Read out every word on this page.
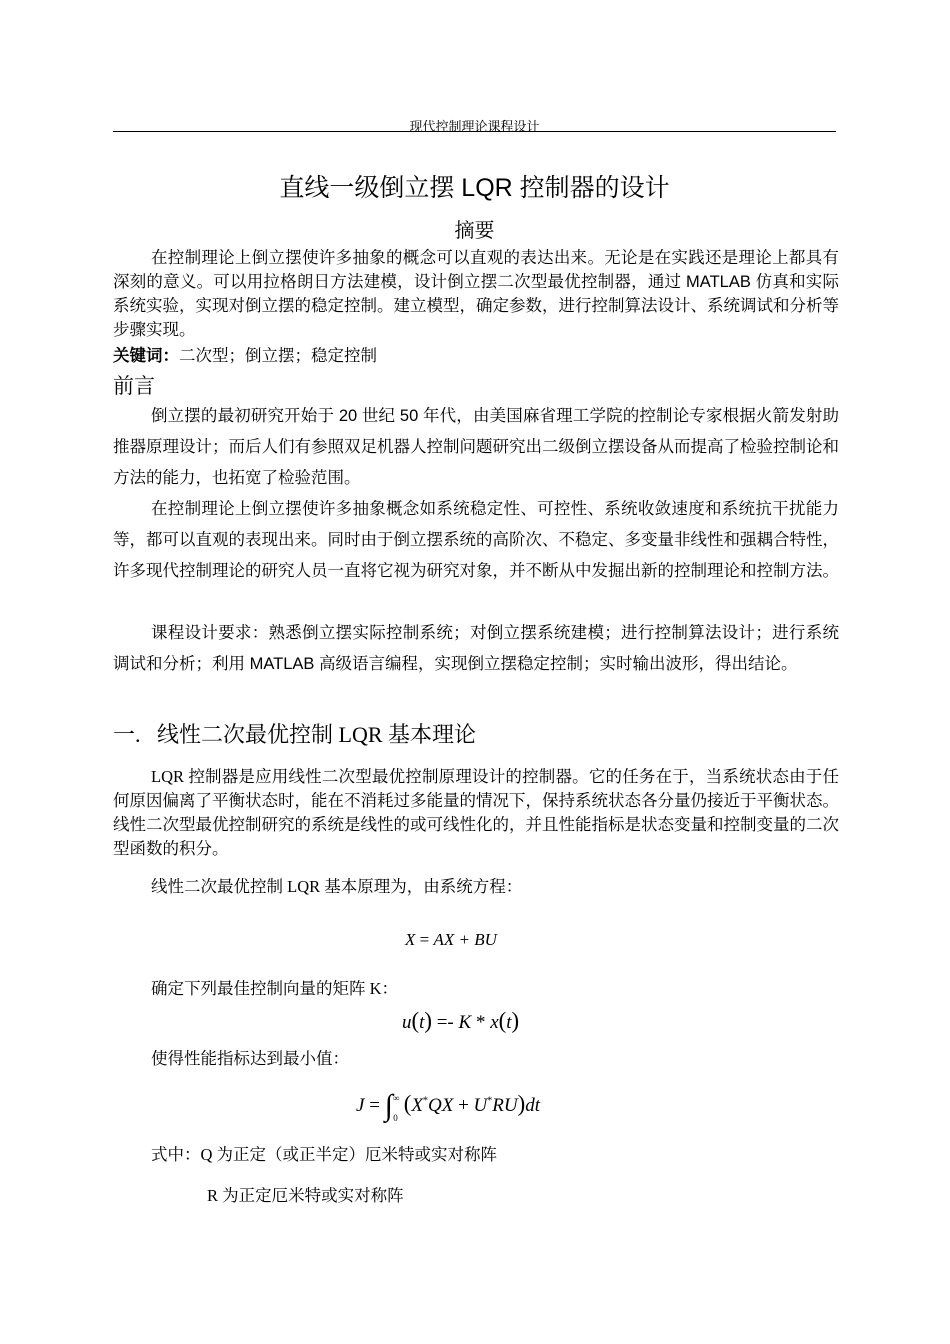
现代控制理论课程设计
直线一级倒立摆 LQR 控制器的设计
摘要

在控制理论上倒立摆使许多抽象的概念可以直观的表达出来。无论是在实践还是理论上都具有深刻的意义。可以用拉格朗日方法建模，设计倒立摆二次型最优控制器，通过 MATLAB 仿真和实际系统实验，实现对倒立摆的稳定控制。建立模型，确定参数，进行控制算法设计、系统调试和分析等步骤实现。

关键词：二次型；倒立摆；稳定控制
前言

倒立摆的最初研究开始于 20 世纪 50 年代，由美国麻省理工学院的控制论专家根据火箭发射助推器原理设计；而后人们有参照双足机器人控制问题研究出二级倒立摆设备从而提高了检验控制论和方法的能力，也拓宽了检验范围。

在控制理论上倒立摆使许多抽象概念如系统稳定性、可控性、系统收敛速度和系统抗干扰能力等，都可以直观的表现出来。同时由于倒立摆系统的高阶次、不稳定、多变量非线性和强耦合特性，许多现代控制理论的研究人员一直将它视为研究对象，并不断从中发掘出新的控制理论和控制方法。

课程设计要求：熟悉倒立摆实际控制系统；对倒立摆系统建模；进行控制算法设计；进行系统调试和分析；利用 MATLAB 高级语言编程，实现倒立摆稳定控制；实时输出波形，得出结论。

一. 线性二次最优控制 LQR 基本理论

LQR 控制器是应用线性二次型最优控制原理设计的控制器。它的任务在于，当系统状态由于任何原因偏离了平衡状态时，能在不消耗过多能量的情况下，保持系统状态各分量仍接近于平衡状态。线性二次型最优控制研究的系统是线性的或可线性化的，并且性能指标是状态变量和控制变量的二次型函数的积分。

线性二次最优控制 LQR 基本原理为，由系统方程：
X = AX + BU
确定下列最佳控制向量的矩阵 K：
u(t) =- K * x(t)
使得性能指标达到最小值：
$J = \int^\infty_0(X^*QX + U^*RU)dt$
式中：Q 为正定（或正半定）厄米特或实对称阵
R 为正定厄米特或实对称阵
